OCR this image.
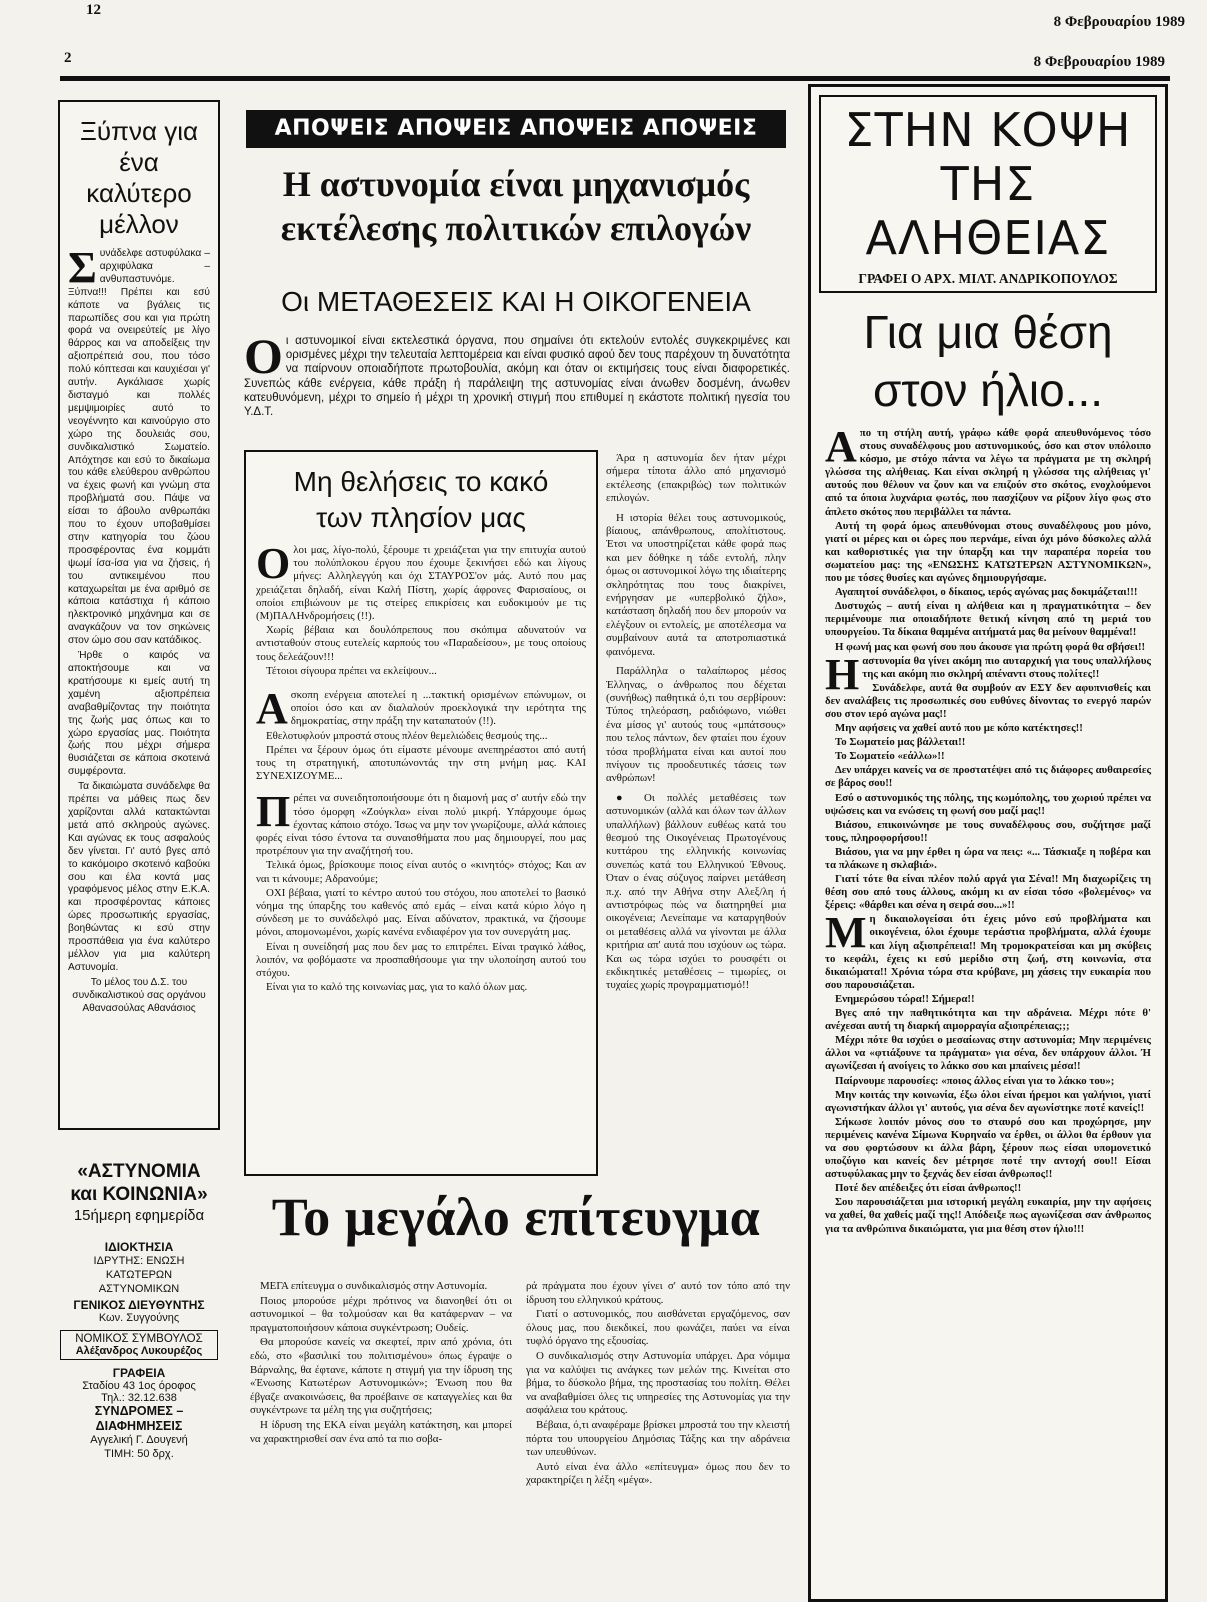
12
8 Φεβρουαρίου 1989
2	8 Φεβρουαρίου 1989
Ξύπνα για ένα καλύτερο μέλλον
Σ υνάδελφε αστυφύλακα – αρχιφύλακα – ανθυπαστυνόμε. Ξύπνα!!! Πρέπει και εσύ κάποτε να βγάλεις τις παρωπίδες σου και για πρώτη φορά να ονειρεύτείς με λίγο θάρρος και να αποδείξεις την αξιοπρέπειά σου, που τόσο πολύ κόπτεσαι και καυχιέσαι γι' αυτήν. Αγκάλιασε χωρίς δισταγμό και πολλές μεμψιμοιρίες αυτό το νεογέννητο και καινούργιο στο χώρο της δουλειάς σου, συνδικαλιστικό Σωματείο. Απόχτησε και εσύ το δικαίωμα του κάθε ελεύθερου ανθρώπου να έχεις φωνή και γνώμη στα προβλήματά σου. Πάψε να είσαι το άβουλο ανθρωπάκι που το έχουν υποβαθμίσει στην κατηγορία του ζώου προσφέροντας ένα κομμάτι ψωμί ίσα-ίσα για να ζήσεις, ή του αντικειμένου που καταχωρείται με ένα αριθμό σε κάποια κατάστιχα ή κάποιο ηλεκτρονικό μηχάνημα και σε αναγκάζουν να τον σηκώνεις στον ώμο σου σαν κατάδικος.

Ήρθε ο καιρός να αποκτήσουμε και να κρατήσουμε κι εμείς αυτή τη χαμένη αξιοπρέπεια αναβαθμίζοντας την ποιότητα της ζωής μας όπως και το χώρο εργασίας μας. Ποιότητα ζωής που μέχρι σήμερα θυσιάζεται σε κάποια σκοτεινά συμφέροντα.

Τα δικαιώματα συνάδελφε θα πρέπει να μάθεις πως δεν χαρίζονται αλλά κατακτώνται μετά από σκληρούς αγώνες. Και αγώνας εκ τους ασφαλούς δεν γίνεται. Γι' αυτό βγες από το κακόμοιρο σκοτεινό καβούκι σου και έλα κοντά μας γραφόμενος μέλος στην Ε.Κ.Α. και προσφέροντας κάποιες ώρες προσωπικής εργασίας, βοηθώντας κι εσύ στην προσπάθεια για ένα καλύτερο μέλλον για μια καλύτερη Αστυνομία.

Το μέλος του Δ.Σ. του συνδικαλιστικού σας οργάνου Αθανασούλας Αθανάσιος

«ΑΣΤΥΝΟΜΙΑ
και ΚΟΙΝΩΝΙΑ»
15ήμερη εφημερίδα
ΙΔΙΟΚΤΗΣΙΑ
ΙΔΡΥΤΗΣ: ΕΝΩΣΗ
ΚΑΤΩΤΕΡΩΝ
ΑΣΤΥΝΟΜΙΚΩΝ
ΓΕΝΙΚΟΣ ΔΙΕΥΘΥΝΤΗΣ
Κων. Συγγούνης
ΝΟΜΙΚΟΣ ΣΥΜΒΟΥΛΟΣ
Αλέξανδρος Λυκουρέζος
ΓΡΑΦΕΙΑ
Σταδίου 43 1ος όροφος
Τηλ.: 32.12.638
ΣΥΝΔΡΟΜΕΣ –
ΔΙΑΦΗΜΗΣΕΙΣ
Αγγελική Γ. Δουγενή
ΤΙΜΗ: 50 δρχ.
ΑΠΟΨΕΙΣ ΑΠΟΨΕΙΣ ΑΠΟΨΕΙΣ ΑΠΟΨΕΙΣ
Η αστυνομία είναι μηχανισμός
εκτέλεσης πολιτικών επιλογών
Οι ΜΕΤΑΘΕΣΕΙΣ ΚΑΙ Η ΟΙΚΟΓΕΝΕΙΑ
Ο ι αστυνομικοί είναι εκτελεστικά όργανα, που σημαίνει ότι εκτελούν εντολές συγκεκριμένες και ορισμένες μέχρι την τελευταία λεπτομέρεια και είναι φυσικό αφού δεν τους παρέχουν τη δυνατότητα να παίρνουν οποιαδήποτε πρωτοβουλία, ακόμη και όταν οι εκτιμήσεις τους είναι διαφορετικές. Συνεπώς κάθε ενέργεια, κάθε πράξη ή παράλειψη της αστυνομίας είναι άνωθεν δοσμένη, άνωθεν κατευθυνόμενη, μέχρι το σημείο ή μέχρι τη χρονική στιγμή που επιθυμεί η εκάστοτε πολιτική ηγεσία του Υ.Δ.Τ.
Μη θελήσεις το κακό
των πλησίον μας
Ο λοι μας, λίγο-πολύ, ξέρουμε τι χρειάζεται για την επιτυχία αυτού του πολύπλοκου έργου που έχουμε ξεκινήσει εδώ και λίγους μήνες: Αλληλεγγύη και όχι ΣΤΑΥΡΟΣ'ον μάς. Αυτό που μας χρειάζεται δηλαδή, είναι Καλή Πίστη, χωρίς άφρονες Φαρισαίους, οι οποίοι επιβιώνουν με τις στείρες επικρίσεις και ευδοκιμούν με τις (Μ)ΠΑΛΗνδρομήσεις (!!).

Χωρίς βέβαια και δουλόπρεπους που σκόπιμα αδυνατούν να αντισταθούν στους ευτελείς καρπούς του «Παραδείσου», με τους οποίους τους δελεάζουν!!!

Τέτοιοι σίγουρα πρέπει να εκλείψουν...

Α σκοπη ενέργεια αποτελεί η ...τακτική ορισμένων επώνυμων, οι οποίοι όσο και αν διαλαλούν προεκλογικά την ιερότητα της δημοκρατίας, στην πράξη την καταπατούν (!!).

Εθελοτυφλούν μπροστά στους πλέον θεμελιώδεις θεσμούς της...

Πρέπει να ξέρουν όμως ότι είμαστε μένουμε ανεπηρέαστοι από αυτή τους τη στρατηγική, αποτυπώνοντάς την στη μνήμη μας. ΚΑΙ ΣΥΝΕΧΙΖΟΥΜΕ...

Π ρέπει να συνειδητοποιήσουμε ότι η διαμονή μας σ' αυτήν εδώ την τόσο όμορφη «Ζούγκλα» είναι πολύ μικρή. Υπάρχουμε όμως έχοντας κάποιο στόχο. Ίσως να μην τον γνωρίζουμε, αλλά κάποιες φορές είναι τόσο έντονα τα συναισθήματα που μας δημιουργεί, που μας προτρέπουν για την αναζήτησή του.

Τελικά όμως, βρίσκουμε ποιος είναι αυτός ο «κινητός» στόχος; Και αν ναι τι κάνουμε; Αδρανούμε;

ΟΧΙ βέβαια, γιατί το κέντρο αυτού του στόχου, που αποτελεί το βασικό νόημα της ύπαρξης του καθενός από εμάς – είναι κατά κύριο λόγο η σύνδεση με το συνάδελφό μας. Είναι αδύνατον, πρακτικά, να ζήσουμε μόνοι, απομονωμένοι, χωρίς κανένα ενδιαφέρον για τον συνεργάτη μας.

Είναι η συνείδησή μας που δεν μας το επιτρέπει. Είναι τραγικό λάθος, λοιπόν, να φοβόμαστε να προσπαθήσουμε για την υλοποίηση αυτού του στόχου.

Είναι για το καλό της κοινωνίας μας, για το καλό όλων μας.

Άρα η αστυνομία δεν ήταν μέχρι σήμερα τίποτα άλλο από μηχανισμό εκτέλεσης (επακριβώς) των πολιτικών επιλογών.

Η ιστορία θέλει τους αστυνομικούς, βίαιους, απάνθρωπους, απολίτιστους. Έτσι να υποστηρίζεται κάθε φορά πως και μεν δόθηκε η τάδε εντολή, πλην όμως οι αστυνομικοί λόγω της ιδιαίτερης σκληρότητας που τους διακρίνει, ενήργησαν με «υπερβολικό ζήλο», κατάσταση δηλαδή που δεν μπορούν να ελέγξουν οι εντολείς, με αποτέλεσμα να συμβαίνουν αυτά τα αποτροπιαστικά φαινόμενα.

Παράλληλα ο ταλαίπωρος μέσος Έλληνας, ο άνθρωπος που δέχεται (συνήθως) παθητικά ό,τι του σερβίρουν: Τύπος τηλεόραση, ραδιόφωνο, νιώθει ένα μίσος γι' αυτούς τους «μπάτσους» που τελος πάντων, δεν φταίει που έχουν τόσα προβλήματα είναι και αυτοί που πνίγουν τις προοδευτικές τάσεις των ανθρώπων!

● Οι πολλές μεταθέσεις των αστυνομικών (αλλά και όλων των άλλων υπαλλήλων) βάλλουν ευθέως κατά του θεσμού της Οικογένειας Πρωτογένους κυττάρου της ελληνικής κοινωνίας συνεπώς κατά του Ελληνικού Έθνους. Όταν ο ένας σύζυγος παίρνει μετάθεση π.χ. από την Αθήνα στην Αλεξ/λη ή αντιστρόφως πώς να διατηρηθεί μια οικογένεια; Λενείπαμε να καταργηθούν οι μεταθέσεις αλλά να γίνονται με άλλα κριτήρια απ' αυτά που ισχύουν ως τώρα. Και ως τώρα ισχύει το ρουσφέτι οι εκδικητικές μεταθέσεις – τιμωρίες, οι τυχαίες χωρίς προγραμματισμό!!

Το μεγάλο επίτευγμα

ΜΕΓΑ επίτευγμα ο συνδικαλισμός στην Αστυνομία.

Ποιος μπορούσε μέχρι πρότινος να διανοηθεί ότι οι αστυνομικοί – θα τολμούσαν και θα κατάφερναν – να πραγματοποιήσουν κάποια συγκέντρωση; Ουδείς.

Θα μπορούσε κανείς να σκεφτεί, πριν από χρόνια, ότι εδώ, στο «βασιλικί του πολιτισμένου» όπως έγραψε ο Βάρναλης, θα έφτανε, κάποτε η στιγμή για την ίδρυση της «Ένωσης Κατωτέρων Αστυνομικών»; Ένωση που θα έβγαζε ανακοινώσεις, θα προέβαινε σε καταγγελίες και θα συγκέντρωνε τα μέλη της για συζητήσεις;

Η ίδρυση της ΕΚΑ είναι μεγάλη κατάκτηση, και μπορεί να χαρακτηρισθεί σαν ένα από τα πιο σοβα-

ρά πράγματα που έχουν γίνει σ' αυτό τον τόπο από την ίδρυση του ελληνικού κράτους.

Γιατί ο αστυνομικός, που αισθάνεται εργαζόμενος, σαν όλους μας, που διεκδικεί, που φωνάζει, παύει να είναι τυφλό όργανο της εξουσίας.

Ο συνδικαλισμός στην Αστυνομία υπάρχει. Δρα νόμιμα για να καλύψει τις ανάγκες των μελών της. Κινείται στο βήμα, το δύσκολο βήμα, της προστασίας του πολίτη. Θέλει να αναβαθμίσει όλες τις υπηρεσίες της Αστυνομίας για την ασφάλεια του κράτους.

Βέβαια, ό,τι αναφέραμε βρίσκει μπροστά του την κλειστή πόρτα του υπουργείου Δημόσιας Τάξης και την αδράνεια των υπευθύνων.

Αυτό είναι ένα άλλο «επίτευγμα» όμως που δεν το χαρακτηρίζει η λέξη «μέγα».

ΣΤΗΝ ΚΟΨΗ
ΤΗΣ ΑΛΗΘΕΙΑΣ
ΓΡΑΦΕΙ Ο ΑΡΧ. ΜΙΛΤ. ΑΝΔΡΙΚΟΠΟΥΛΟΣ
Για μια θέση
στον ήλιο...
Α πο τη στήλη αυτή, γράφω κάθε φορά απευθυνόμενος τόσο στους συναδέλφους μου αστυνομικούς, όσο και στον υπόλοιπο κόσμο, με στόχο πάντα να λέγω τα πράγματα με τη σκληρή γλώσσα της αλήθειας. Και είναι σκληρή η γλώσσα της αλήθειας γι' αυτούς που θέλουν να ζουν και να επιζούν στο σκότος, ενοχλούμενοι από τα όποια λυχνάρια φωτός, που πασχίζουν να ρίξουν λίγο φως στο άπλετο σκότος που περιβάλλει τα πάντα.

Αυτή τη φορά όμως απευθύνομαι στους συναδέλφους μου μόνο, γιατί οι μέρες και οι ώρες που περνάμε, είναι όχι μόνο δύσκολες αλλά και καθοριστικές για την ύπαρξη και την παραπέρα πορεία του σωματείου μας: της «ΕΝΩΣΗΣ ΚΑΤΩΤΕΡΩΝ ΑΣΤΥΝΟΜΙΚΩΝ», που με τόσες θυσίες και αγώνες δημιουργήσαμε.

Αγαπητοί συνάδελφοι, ο δίκαιος, ιερός αγώνας μας δοκιμάζεται!!!

Δυστυχώς – αυτή είναι η αλήθεια και η πραγματικότητα – δεν περιμένουμε πια οποιαδήποτε θετική κίνηση από τη μεριά του υπουργείου. Τα δίκαια θαμμένα αιτήματά μας θα μείνουν θαμμένα!!

Η φωνή μας και φωνή σου που άκουσε για πρώτη φορά θα σβήσει!!

Η αστυνομία θα γίνει ακόμη πιο αυταρχική για τους υπαλλήλους της και ακόμη πιο σκληρή απέναντι στους πολίτες!!

Συνάδελφε, αυτά θα συμβούν αν ΕΣΥ δεν αφυπνισθείς και δεν αναλάβεις τις προσωπικές σου ευθύνες δίνοντας το ενεργό παρών σου στον ιερό αγώνα μας!!

Μην αφήσεις να χαθεί αυτό που με κόπο κατέκτησες!!

Το Σωματείο μας βάλλεται!!

Το Σωματείο «εάλλω»!!

Δεν υπάρχει κανείς να σε προστατέψει από τις διάφορες αυθαιρεσίες σε βάρος σου!!

Εσύ ο αστυνομικός της πόλης, της κωμόπολης, του χωριού πρέπει να υψώσεις και να ενώσεις τη φωνή σου μαζί μας!!

Βιάσου, επικοινώνησε με τους συναδέλφους σου, συζήτησε μαζί τους, πληροφορήσου!!

Βιάσου, για να μην έρθει η ώρα να πεις: «... Τάσκιαξε η ποβέρα και τα πλάκωνε η σκλαβιά».

Γιατί τότε θα είναι πλέον πολύ αργά για Σένα!! Μη διαχωρίζεις τη θέση σου από τους άλλους, ακόμη κι αν είσαι τόσο «βολεμένος» να ξέρεις: «θάρθει και σένα η σειρά σου...»!!

Μ η δικαιολογείσαι ότι έχεις μόνο εσύ προβλήματα και οικογένεια, όλοι έχουμε τεράστια προβλήματα, αλλά έχουμε και λίγη αξιοπρέπεια!! Μη τρομοκρατείσαι και μη σκύβεις το κεφάλι, έχεις κι εσύ μερίδιο στη ζωή, στη κοινωνία, στα δικαιώματα!! Χρόνια τώρα στα κρύβανε, μη χάσεις την ευκαιρία που σου παρουσιάζεται.

Ενημερώσου τώρα!! Σήμερα!!

Βγες από την παθητικότητα και την αδράνεια. Μέχρι πότε θ' ανέχεσαι αυτή τη διαρκή αιμορραγία αξιοπρέπειας;;;

Μέχρι πότε θα ισχύει ο μεσαίωνας στην αστυνομία; Μην περιμένεις άλλοι να «φτιάξουνε τα πράγματα» για σένα, δεν υπάρχουν άλλοι. Ή αγωνίζεσαι ή ανοίγεις το λάκκο σου και μπαίνεις μέσα!!

Παίρνουμε παρουσίες: «ποιος άλλος είναι για το λάκκο του»;

Μην κοιτάς την κοινωνία, έξω όλοι είναι ήρεμοι και γαλήνιοι, γιατί αγωνιστήκαν άλλοι γι' αυτούς, για σένα δεν αγωνίστηκε ποτέ κανείς!!

Σήκωσε λοιπόν μόνος σου το σταυρό σου και προχώρησε, μην περιμένεις κανένα Σίμωνα Κυρηναίο να έρθει, οι άλλοι θα έρθουν για να σου φορτώσουν κι άλλα βάρη, ξέρουν πως είσαι υπομονετικό υποζύγιο και κανείς δεν μέτρησε ποτέ την αντοχή σου!! Είσαι αστυφύλακας μην το ξεχνάς δεν είσαι άνθρωπος!!

Ποτέ δεν απέδειξες ότι είσαι άνθρωπος!!

Σου παρουσιάζεται μια ιστορική μεγάλη ευκαιρία, μην την αφήσεις να χαθεί, θα χαθείς μαζί της!! Απόδειξε πως αγωνίζεσαι σαν άνθρωπος για τα ανθρώπινα δικαιώματα, για μια θέση στον ήλιο!!!
